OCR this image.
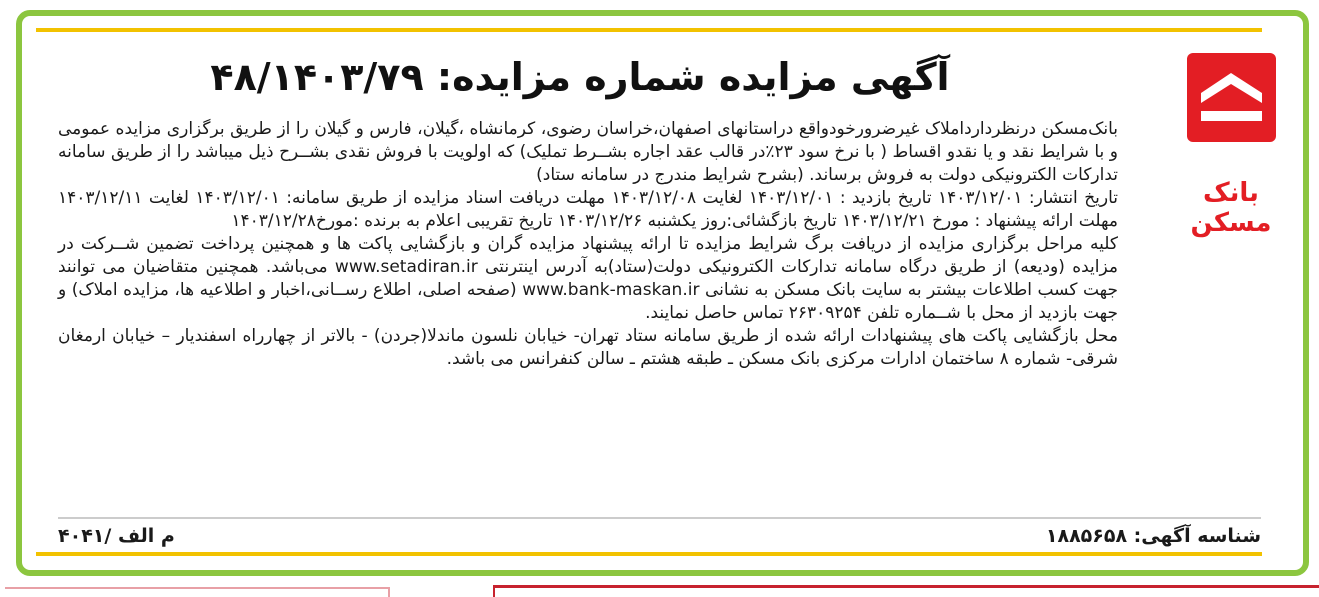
بانک مسکن
آگهی مزایده شماره مزایده: ۴۸/۱۴۰۳/۷۹

بانک‌مسکن درنظردارداملاک غیرضرورخودواقع دراستانهای اصفهان،خراسان رضوی، کرمانشاه ،گیلان، فارس و گیلان را از طریق برگزاری مزایده عمومی و با شرایط نقد و یا نقدو اقساط ( با نرخ سود ۲۳٪در قالب عقد اجاره بشــرط تملیک) که اولویت با فروش نقدی بشــرح ذیل میباشد را از طریق سامانه تدارکات الکترونیکی دولت به فروش برساند. (بشرح شرایط مندرج در سامانه ستاد)

تاریخ انتشار: ۱۴۰۳/۱۲/۰۱ تاریخ بازدید : ۱۴۰۳/۱۲/۰۱ لغایت ۱۴۰۳/۱۲/۰۸ مهلت دریافت اسناد مزایده از طریق سامانه: ۱۴۰۳/۱۲/۰۱ لغایت ۱۴۰۳/۱۲/۱۱ مهلت ارائه پیشنهاد : مورخ ۱۴۰۳/۱۲/۲۱ تاریخ بازگشائی:روز یکشنبه ۱۴۰۳/۱۲/۲۶ تاریخ تقریبی اعلام به برنده :مورخ۱۴۰۳/۱۲/۲۸

کلیه مراحل برگزاری مزایده از دریافت برگ شرایط مزایده تا ارائه پیشنهاد مزایده گران و بازگشایی پاکت ها و همچنین پرداخت تضمین شــرکت در مزایده (ودیعه) از طریق درگاه سامانه تدارکات الکترونیکی دولت(ستاد)به آدرس اینترنتی www.setadiran.ir می‌باشد. همچنین متقاضیان می توانند جهت کسب اطلاعات بیشتر به سایت بانک مسکن به نشانی www.bank-maskan.ir (صفحه اصلی، اطلاع رســانی،اخبار و اطلاعیه ها، مزایده املاک) و جهت بازدید از محل با شــماره تلفن ۲۶۳۰۹۲۵۴ تماس حاصل نمایند.

محل بازگشایی پاکت های پیشنهادات ارائه شده از طریق سامانه ستاد تهران- خیابان نلسون ماندلا(جردن) - بالاتر از چهارراه اسفندیار – خیابان ارمغان شرقی- شماره ۸ ساختمان ادارات مرکزی بانک مسکن ـ طبقه هشتم ـ سالن کنفرانس می باشد.

شناسه آگهی: ۱۸۸۵۶۵۸
م الف /۴۰۴۱
